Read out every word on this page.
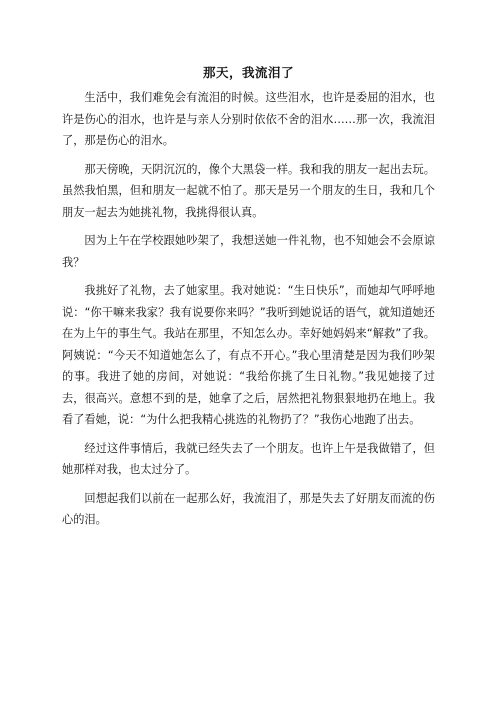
那天，我流泪了

生活中，我们难免会有流泪的时候。这些泪水，也许是委屈的泪水，也许是伤心的泪水，也许是与亲人分别时依依不舍的泪水……那一次，我流泪了，那是伤心的泪水。

那天傍晚，天阴沉沉的，像个大黑袋一样。我和我的朋友一起出去玩。虽然我怕黑，但和朋友一起就不怕了。那天是另一个朋友的生日，我和几个朋友一起去为她挑礼物，我挑得很认真。

因为上午在学校跟她吵架了，我想送她一件礼物，也不知她会不会原谅我？

我挑好了礼物，去了她家里。我对她说：“生日快乐”，而她却气呼呼地说：“你干嘛来我家？我有说要你来吗？”我听到她说话的语气，就知道她还在为上午的事生气。我站在那里，不知怎么办。幸好她妈妈来“解救”了我。阿姨说：“今天不知道她怎么了，有点不开心。”我心里清楚是因为我们吵架的事。我进了她的房间，对她说：“我给你挑了生日礼物。”我见她接了过去，很高兴。意想不到的是，她拿了之后，居然把礼物狠狠地扔在地上。我看了看她，说：“为什么把我精心挑选的礼物扔了？”我伤心地跑了出去。

经过这件事情后，我就已经失去了一个朋友。也许上午是我做错了，但她那样对我，也太过分了。

回想起我们以前在一起那么好，我流泪了，那是失去了好朋友而流的伤心的泪。
